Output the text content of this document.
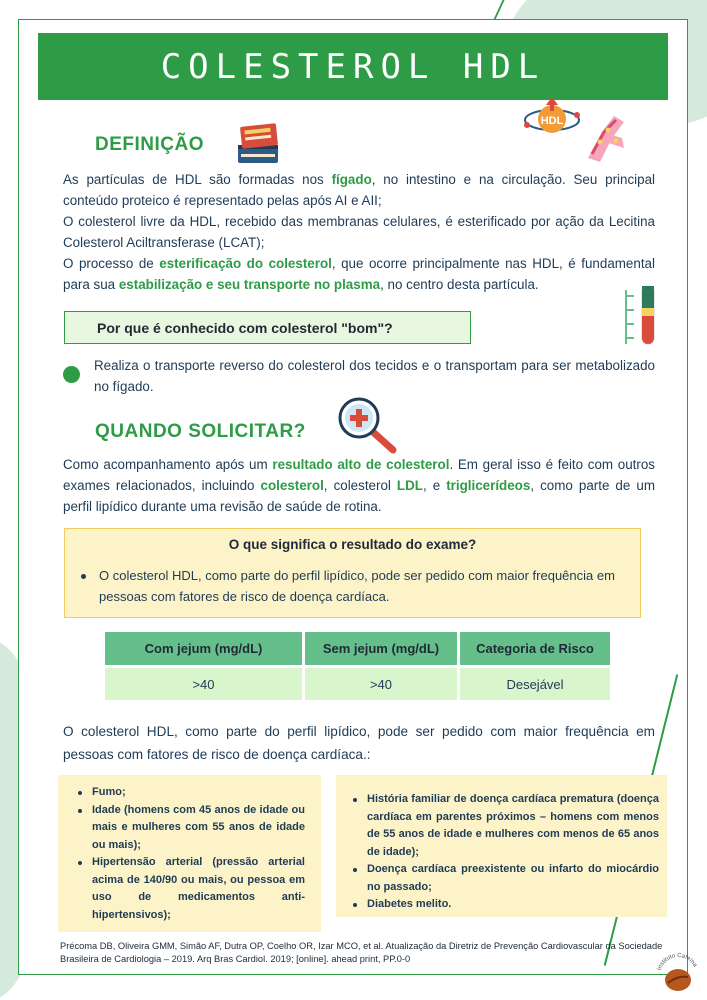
COLESTEROL HDL
DEFINIÇÃO
HDL

As partículas de HDL são formadas nos fígado, no intestino e na circulação. Seu principal conteúdo proteico é representado pelas após AI e AII;

O colesterol livre da HDL, recebido das membranas celulares, é esterificado por ação da Lecitina Colesterol Aciltransferase (LCAT);

O processo de esterificação do colesterol, que ocorre principalmente nas HDL, é fundamental para sua estabilização e seu transporte no plasma, no centro desta partícula.

Por que é conhecido com colesterol "bom"?
Realiza o transporte reverso do colesterol dos tecidos e o transportam para ser metabolizado no fígado.
QUANDO SOLICITAR?

Como acompanhamento após um resultado alto de colesterol. Em geral isso é feito com outros exames relacionados, incluindo colesterol, colesterol LDL, e triglicerídeos, como parte de um perfil lipídico durante uma revisão de saúde de rotina.

O que significa o resultado do exame?
O colesterol HDL, como parte do perfil lipídico, pode ser pedido com maior frequência em pessoas com fatores de risco de doença cardíaca.
Com jejum (mg/dL)	Sem jejum (mg/dL)	Categoria de Risco
>40	>40	Desejável
O colesterol HDL, como parte do perfil lipídico, pode ser pedido com maior frequência em pessoas com fatores de risco de doença cardíaca.:
Fumo;
Idade (homens com 45 anos de idade ou mais e mulheres com 55 anos de idade ou mais);
Hipertensão arterial (pressão arterial acima de 140/90 ou mais, ou pessoa em uso de medicamentos anti-hipertensivos);
História familiar de doença cardíaca prematura (doença cardíaca em parentes próximos – homens com menos de 55 anos de idade e mulheres com menos de 65 anos de idade);
Doença cardíaca preexistente ou infarto do miocárdio no passado;
Diabetes melito.
Précoma DB, Oliveira GMM, Simão AF, Dutra OP, Coelho OR, Izar MCO, et al. Atualização da Diretriz de Prevenção Cardiovascular da Sociedade Brasileira de Cardiologia – 2019. Arq Bras Cardiol. 2019; [online]. ahead print, PP.0-0
Instituto Cafeína
